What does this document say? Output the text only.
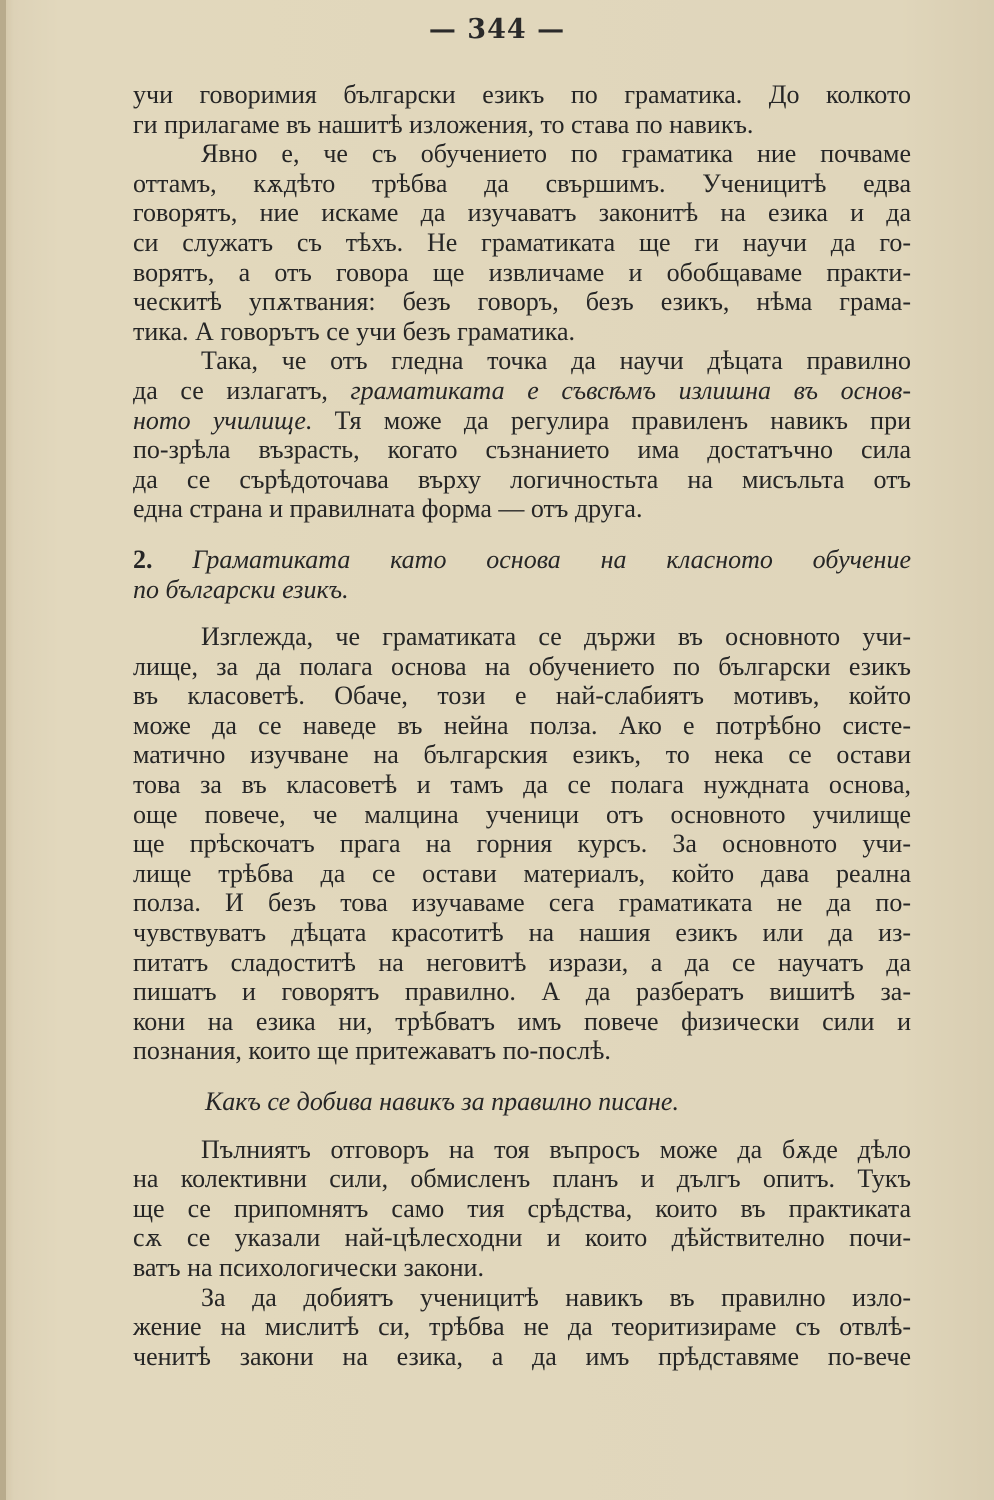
— 344 —
учи говоримия български езикъ по граматика. До колкото
ги прилагаме въ нашитѣ изложения, то става по навикъ.
Явно е, че съ обучението по граматика ние почваме
оттамъ, кѫдѣто трѣбва да свършимъ. Ученицитѣ едва
говорятъ, ние искаме да изучаватъ законитѣ на езика и да
си служатъ съ тѣхъ. Не граматиката ще ги научи да го-
ворятъ, а отъ говора ще извличаме и обобщаваме практи-
ческитѣ упѫтвания: безъ говоръ, безъ езикъ, нѣма грама-
тика. А говорътъ се учи безъ граматика.
Така, че отъ гледна точка да научи дѣцата правилно
да се излагатъ, граматиката е съвсѣмъ излишна въ основ-
ното училище. Тя може да регулира правиленъ навикъ при
по-зрѣла възрасть, когато съзнанието има достатъчно сила
да се сърѣдоточава върху логичностьта на мисъльта отъ
една страна и правилната форма — отъ друга.
2. Граматиката като основа на класното обучение
по български езикъ.
Изглежда, че граматиката се държи въ основното учи-
лище, за да полага основа на обучението по български езикъ
въ класоветѣ. Обаче, този е най-слабиятъ мотивъ, който
може да се наведе въ нейна полза. Ако е потрѣбно систе-
матично изучване на българския езикъ, то нека се остави
това за въ класоветѣ и тамъ да се полага нуждната основа,
още повече, че малцина ученици отъ основното училище
ще прѣскочатъ прага на горния курсъ. За основното учи-
лище трѣбва да се остави материалъ, който дава реална
полза. И безъ това изучаваме сега граматиката не да по-
чувствуватъ дѣцата красотитѣ на нашия езикъ или да из-
питатъ сладоститѣ на неговитѣ изрази, а да се научатъ да
пишатъ и говорятъ правилно. А да разбератъ вишитѣ за-
кони на езика ни, трѣбватъ имъ повече физически сили и
познания, които ще притежаватъ по-послѣ.
Какъ се добива навикъ за правилно писане.
Пълниятъ отговоръ на тоя въпросъ може да бѫде дѣло
на колективни сили, обмисленъ планъ и дългъ опитъ. Тукъ
ще се припомнятъ само тия срѣдства, които въ практиката
сѫ се указали най-цѣлесходни и които дѣйствително почи-
ватъ на психологически закони.
За да добиятъ ученицитѣ навикъ въ правилно изло-
жение на мислитѣ си, трѣбва не да теоритизираме съ отвлѣ-
ченитѣ закони на езика, а да имъ прѣдставяме по-вече
